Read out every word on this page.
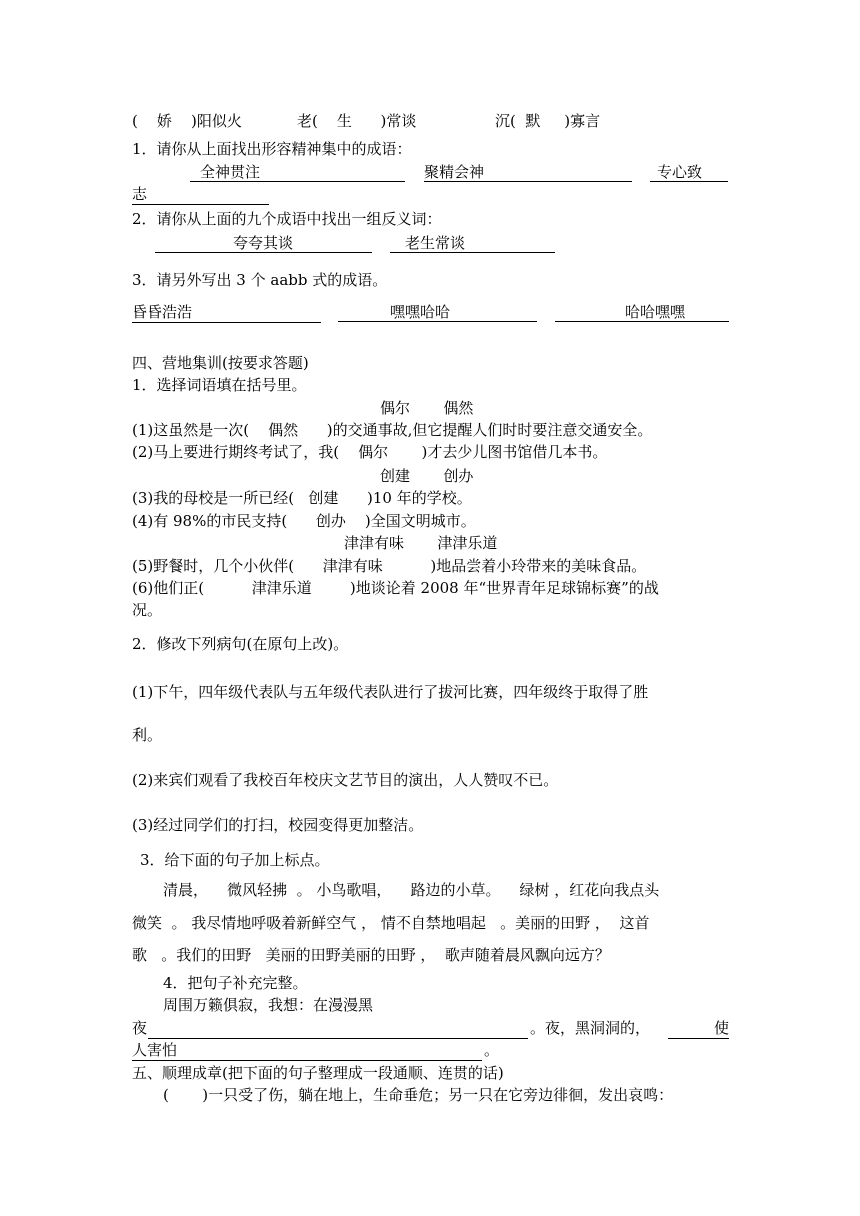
(    娇    )阳似火	老(    生      )常谈	沉(  默     )寡言
1．请你从上面找出形容精神集中的成语：
全神贯注	聚精会神	专心致
志
2．请你从上面的九个成语中找出一组反义词：
夸夸其谈	老生常谈
3．请另外写出 3 个 aabb 式的成语。
昏昏浩浩	嘿嘿哈哈	哈哈嘿嘿
四、营地集训(按要求答题)
1．选择词语填在括号里。
偶尔       偶然
(1)这虽然是一次(    偶然      )的交通事故,但它提醒人们时时要注意交通安全。
(2)马上要进行期终考试了，我(    偶尔       )才去少儿图书馆借几本书。
创建       创办
(3)我的母校是一所已经(   创建      )10 年的学校。
(4)有 98%的市民支持(      创办    )全国文明城市。
津津有味       津津乐道
(5)野餐时，几个小伙伴(      津津有味          )地品尝着小玲带来的美味食品。
(6)他们正(          津津乐道        )地谈论着 2008 年“世界青年足球锦标赛”的战
况。
2．修改下列病句(在原句上改)。
(1)下午，四年级代表队与五年级代表队进行了拔河比赛，四年级终于取得了胜
利。
(2)来宾们观看了我校百年校庆文艺节目的演出，人人赞叹不已。
(3)经过同学们的打扫，校园变得更加整洁。
3．给下面的句子加上标点。
清晨，    微风轻拂  。 小鸟歌唱，    路边的小草。    绿树 ，红花向我点头
微笑  。 我尽情地呼吸着新鲜空气 ， 情不自禁地唱起   。美丽的田野 ，  这首
歌   。我们的田野   美丽的田野美丽的田野 ，  歌声随着晨风飘向远方？
4．把句子补充完整。
周围万籁俱寂，我想：在漫漫黑
夜	。夜，黑洞洞的，	使
人害怕	。
五、顺理成章(把下面的句子整理成一段通顺、连贯的话)
(       )一只受了伤，躺在地上，生命垂危；另一只在它旁边徘徊，发出哀鸣：
